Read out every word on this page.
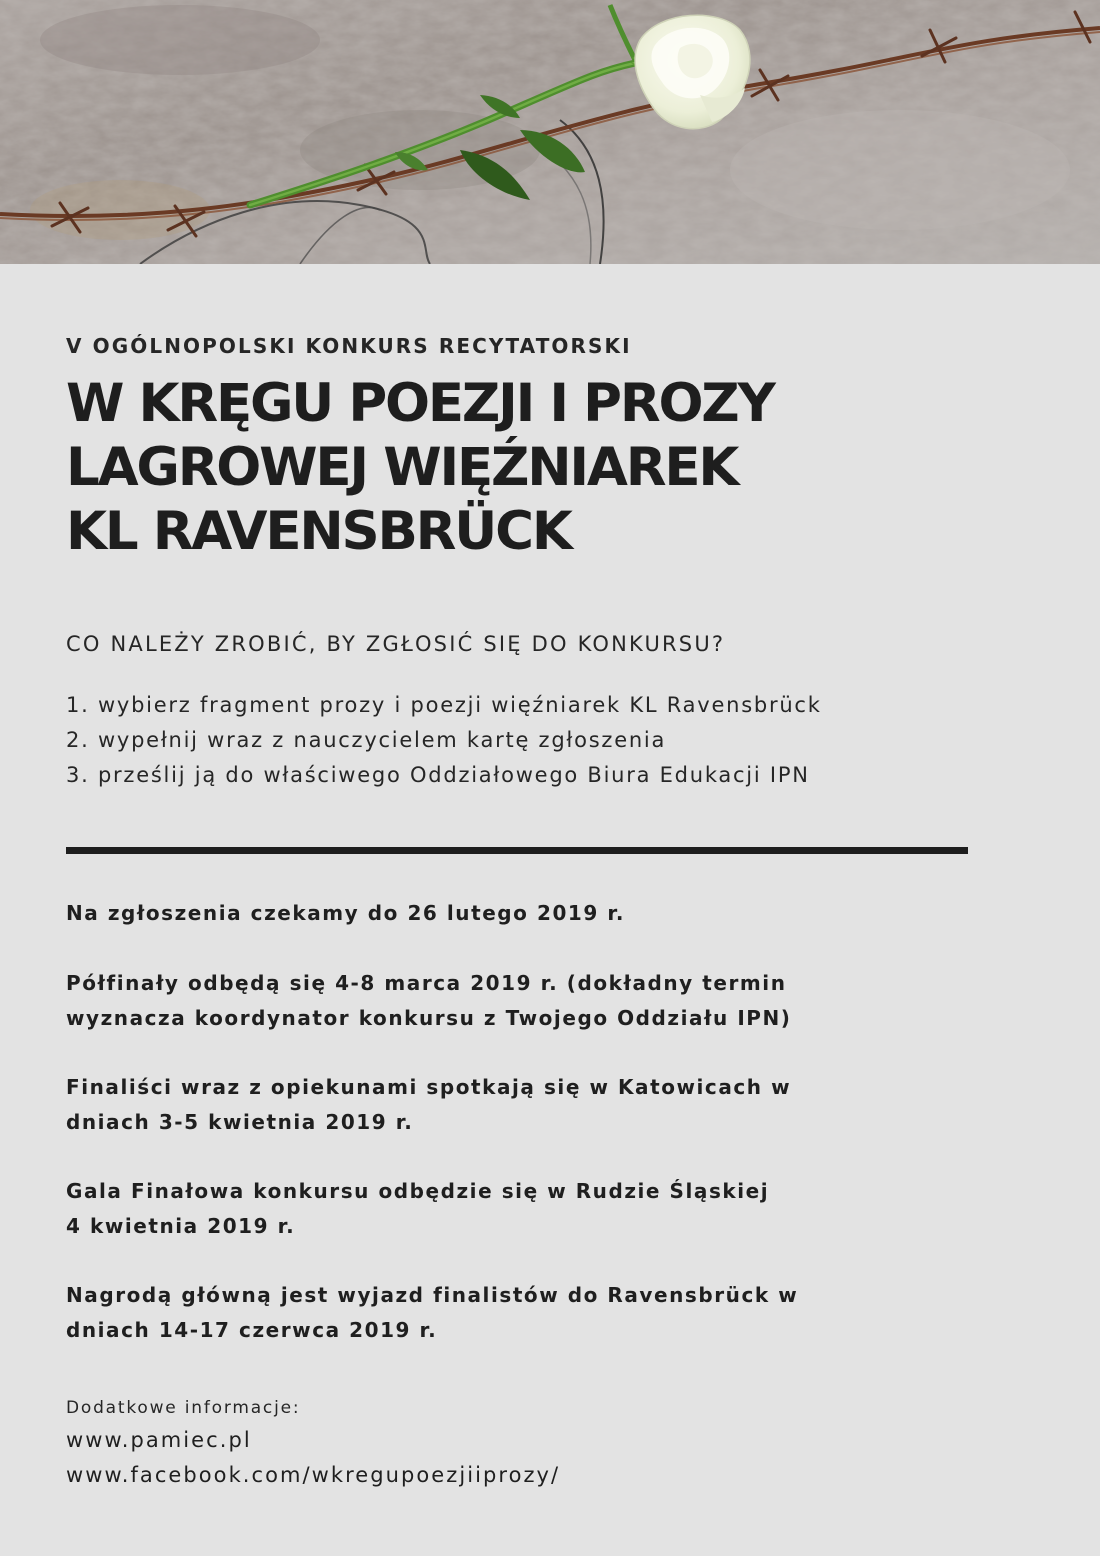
V OGÓLNOPOLSKI KONKURS RECYTATORSKI
W KRĘGU POEZJI I PROZY
LAGROWEJ WIĘŹNIAREK
KL RAVENSBRÜCK
CO NALEŻY ZROBIĆ, BY ZGŁOSIĆ SIĘ DO KONKURSU?
1. wybierz fragment prozy i poezji więźniarek KL Ravensbrück
2. wypełnij wraz z nauczycielem kartę zgłoszenia
3. prześlij ją do właściwego Oddziałowego Biura Edukacji IPN

Na zgłoszenia czekamy do 26 lutego 2019 r.

Półfinały odbędą się 4-8 marca 2019 r. (dokładny termin
wyznacza koordynator konkursu z Twojego Oddziału IPN)

Finaliści wraz z opiekunami spotkają się w Katowicach w
dniach 3-5 kwietnia 2019 r.

Gala Finałowa konkursu odbędzie się w Rudzie Śląskiej
4 kwietnia 2019 r.

Nagrodą główną jest wyjazd finalistów do Ravensbrück w
dniach 14-17 czerwca 2019 r.

Dodatkowe informacje:
www.pamiec.pl
www.facebook.com/wkregupoezjiiprozy/
